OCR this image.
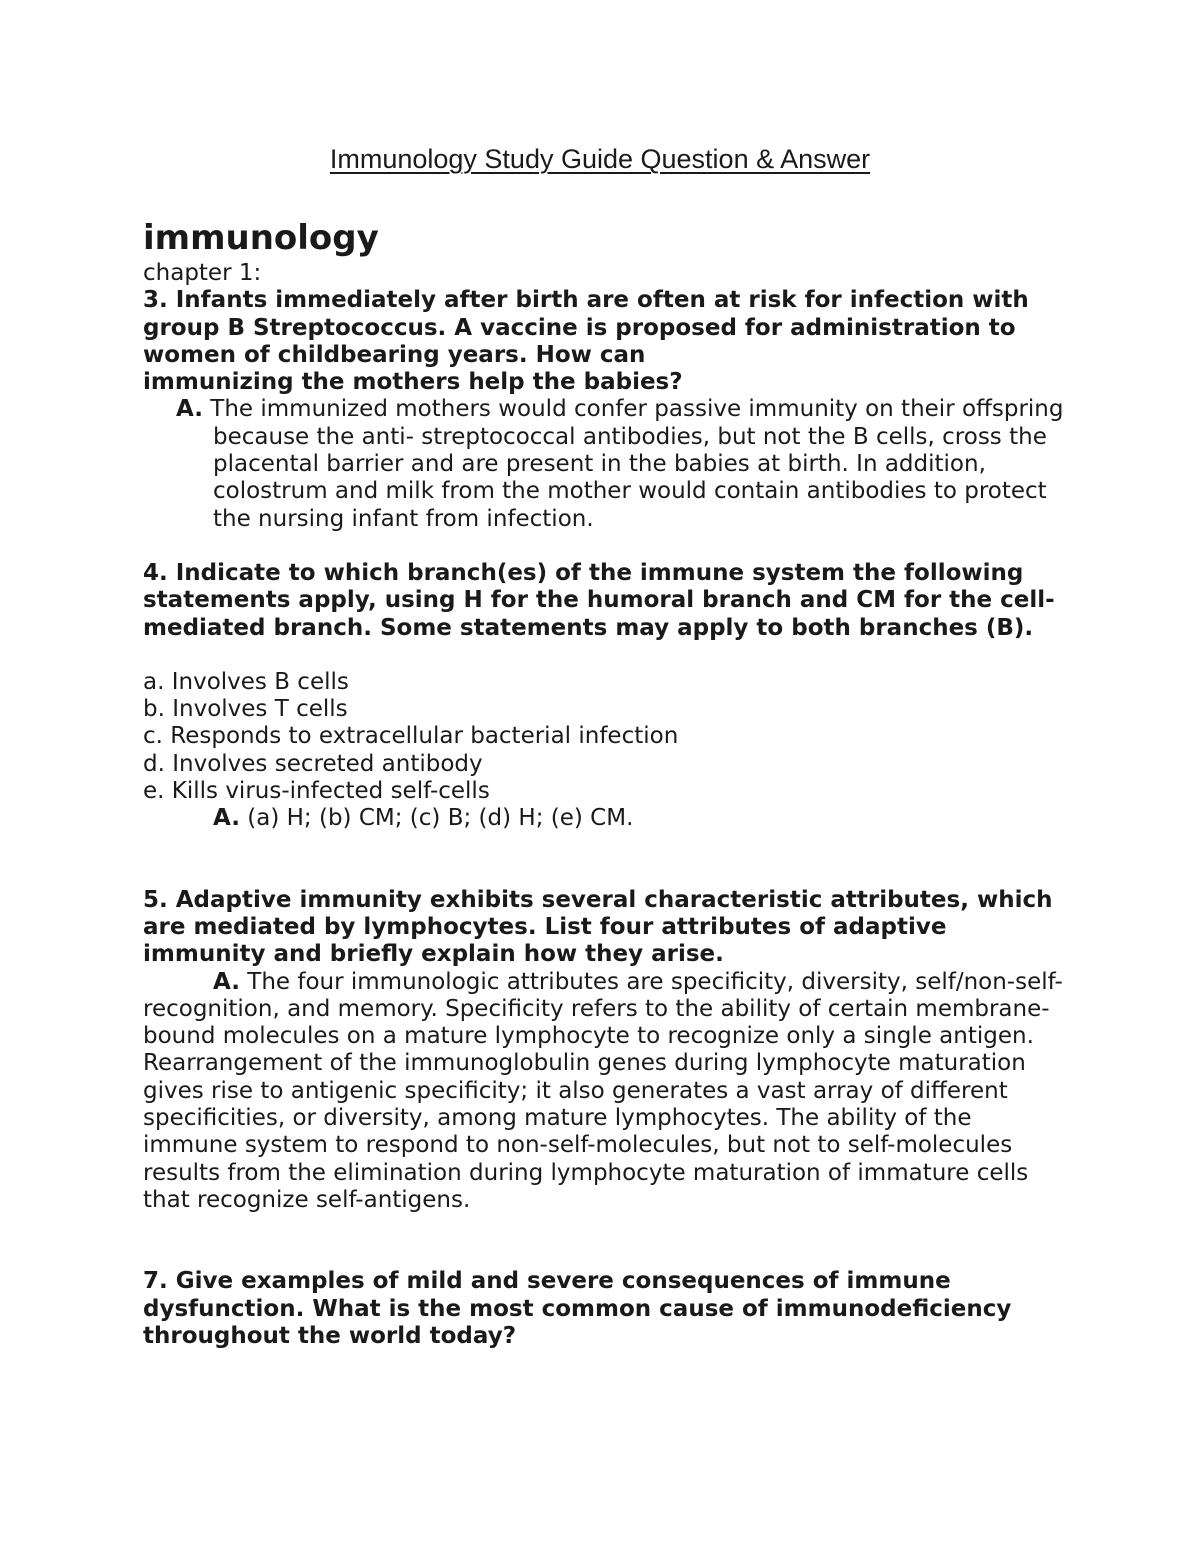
Immunology Study Guide Question & Answer

immunology

chapter 1:

3. Infants immediately after birth are often at risk for infection with group B Streptococcus. A vaccine is proposed for administration to women of childbearing years. How can

immunizing the mothers help the babies?

A. The immunized mothers would confer passive immunity on their offspring because the anti- streptococcal antibodies, but not the B cells, cross the placental barrier and are present in the babies at birth. In addition, colostrum and milk from the mother would contain antibodies to protect the nursing infant from infection.

4. Indicate to which branch(es) of the immune system the following statements apply, using H for the humoral branch and CM for the cell-mediated branch. Some statements may apply to both branches (B).

a. Involves B cells
b. Involves T cells
c. Responds to extracellular bacterial infection
d. Involves secreted antibody
e. Kills virus-infected self-cells

A. (a) H; (b) CM; (c) B; (d) H; (e) CM.

5. Adaptive immunity exhibits several characteristic attributes, which are mediated by lymphocytes. List four attributes of adaptive immunity and briefly explain how they arise.

A. The four immunologic attributes are specificity, diversity, self/non-self-recognition, and memory. Specificity refers to the ability of certain membrane-bound molecules on a mature lymphocyte to recognize only a single antigen. Rearrangement of the immunoglobulin genes during lymphocyte maturation gives rise to antigenic specificity; it also generates a vast array of different specificities, or diversity, among mature lymphocytes. The ability of the immune system to respond to non-self-molecules, but not to self-molecules results from the elimination during lymphocyte maturation of immature cells that recognize self-antigens.

7. Give examples of mild and severe consequences of immune dysfunction. What is the most common cause of immunodeficiency throughout the world today?
